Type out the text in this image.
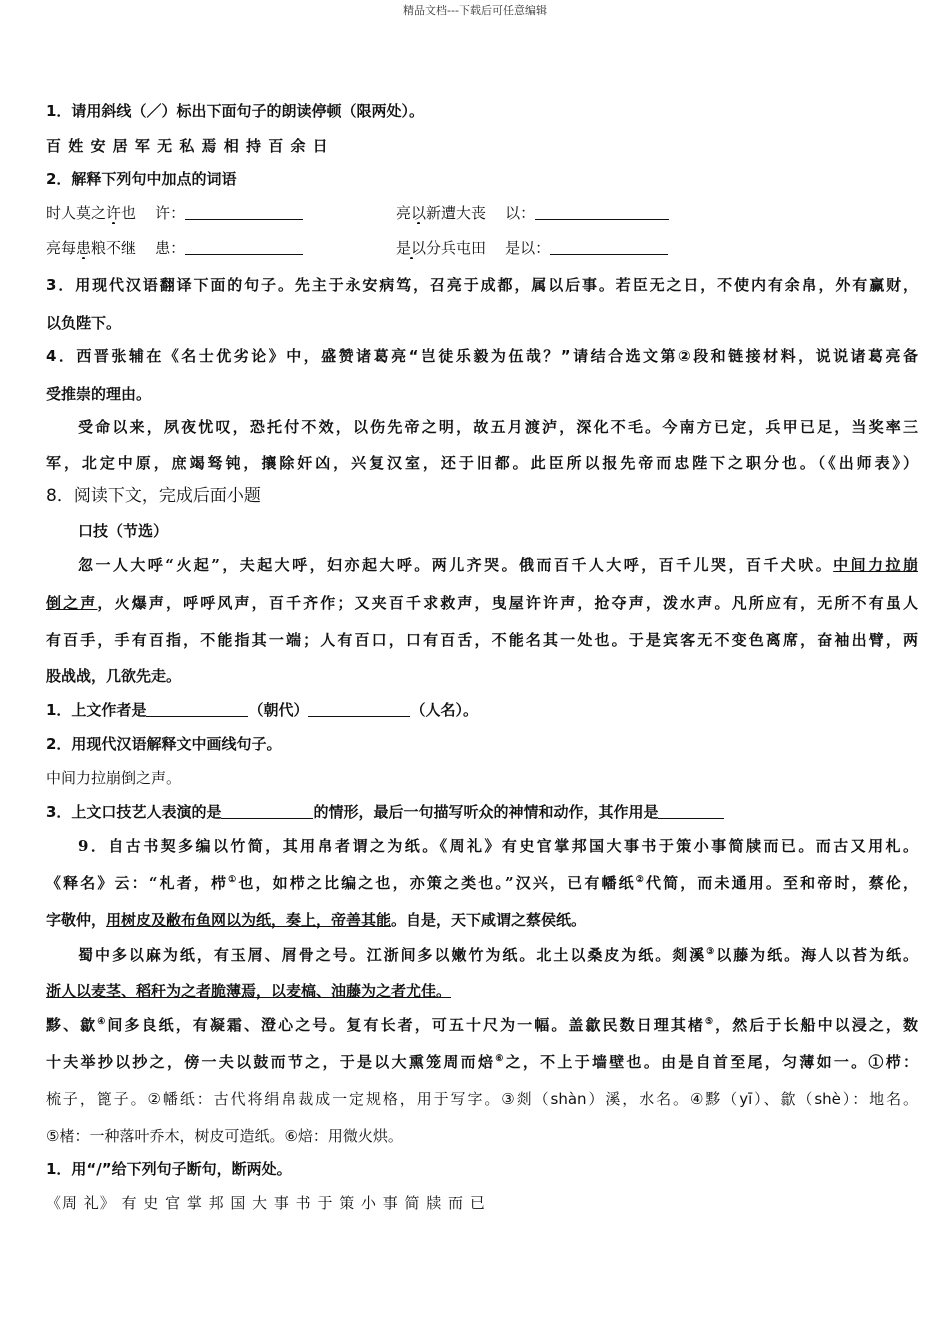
精品文档---下载后可任意编辑
1．请用斜线（／）标出下面句子的朗读停顿（限两处）。
百 姓 安 居 军 无 私 焉 相 持 百 余 日
2．解释下列句中加点的词语
时人莫之许也 许：	亮以新遭大丧 以：
亮每患粮不继 患：	是以分兵屯田 是以：
3．用现代汉语翻译下面的句子。先主于永安病笃，召亮于成都，属以后事。若臣无之日，不使内有余帛，外有赢财，
以负陛下。
4．西晋张辅在《名士优劣论》中，盛赞诸葛亮“岂徒乐毅为伍哉？”请结合选文第②段和链接材料，说说诸葛亮备
受推崇的理由。
受命以来，夙夜忧叹，恐托付不效，以伤先帝之明，故五月渡泸，深化不毛。今南方已定，兵甲已足，当奖率三
军，北定中原，庶竭驽钝，攘除奸凶，兴复汉室，还于旧都。此臣所以报先帝而忠陛下之职分也。（《出师表》）
8．阅读下文，完成后面小题
口技（节选）
忽一人大呼“火起”，夫起大呼，妇亦起大呼。两儿齐哭。俄而百千人大呼，百千儿哭，百千犬吠。中间力拉崩
倒之声，火爆声，呼呼风声，百千齐作；又夹百千求救声，曳屋许许声，抢夺声，泼水声。凡所应有，无所不有虽人
有百手，手有百指，不能指其一端；人有百口，口有百舌，不能名其一处也。于是宾客无不变色离席，奋袖出臂，两
股战战，几欲先走。
1．上文作者是	（朝代）	（人名）。
2．用现代汉语解释文中画线句子。
中间力拉崩倒之声。
3．上文口技艺人表演的是	的情形，最后一句描写听众的神情和动作，其作用是
9．自古书契多编以竹简，其用帛者谓之为纸。《周礼》有史官掌邦国大事书于策小事简牍而已。而古又用札。
《释名》云：“札者，栉①也，如栉之比编之也，亦策之类也。”汉兴，已有幡纸②代简，而未通用。至和帝时，蔡伦，
字敬仲，用树皮及敝布鱼网以为纸，奏上，帝善其能。自是，天下咸谓之蔡侯纸。
蜀中多以麻为纸，有玉屑、屑骨之号。江浙间多以嫩竹为纸。北土以桑皮为纸。剡溪③以藤为纸。海人以苔为纸。
浙人以麦茎、稻秆为之者脆薄焉，以麦槁、油藤为之者尤佳。
黟、歙④间多良纸，有凝霜、澄心之号。复有长者，可五十尺为一幅。盖歙民数日理其楮⑤，然后于长船中以浸之，数
十夫举抄以抄之，傍一夫以鼓而节之，于是以大熏笼周而焙⑥之，不上于墙壁也。由是自首至尾，匀薄如一。①栉：
梳子，篦子。②幡纸：古代将绢帛裁成一定规格，用于写字。③剡（shàn）溪，水名。④黟（yī）、歙（shè）：地名。
⑤楮：一种落叶乔木，树皮可造纸。⑥焙：用微火烘。
1．用“/”给下列句子断句，断两处。
《周 礼》 有 史 官 掌 邦 国 大 事 书 于 策 小 事 简 牍 而 已
